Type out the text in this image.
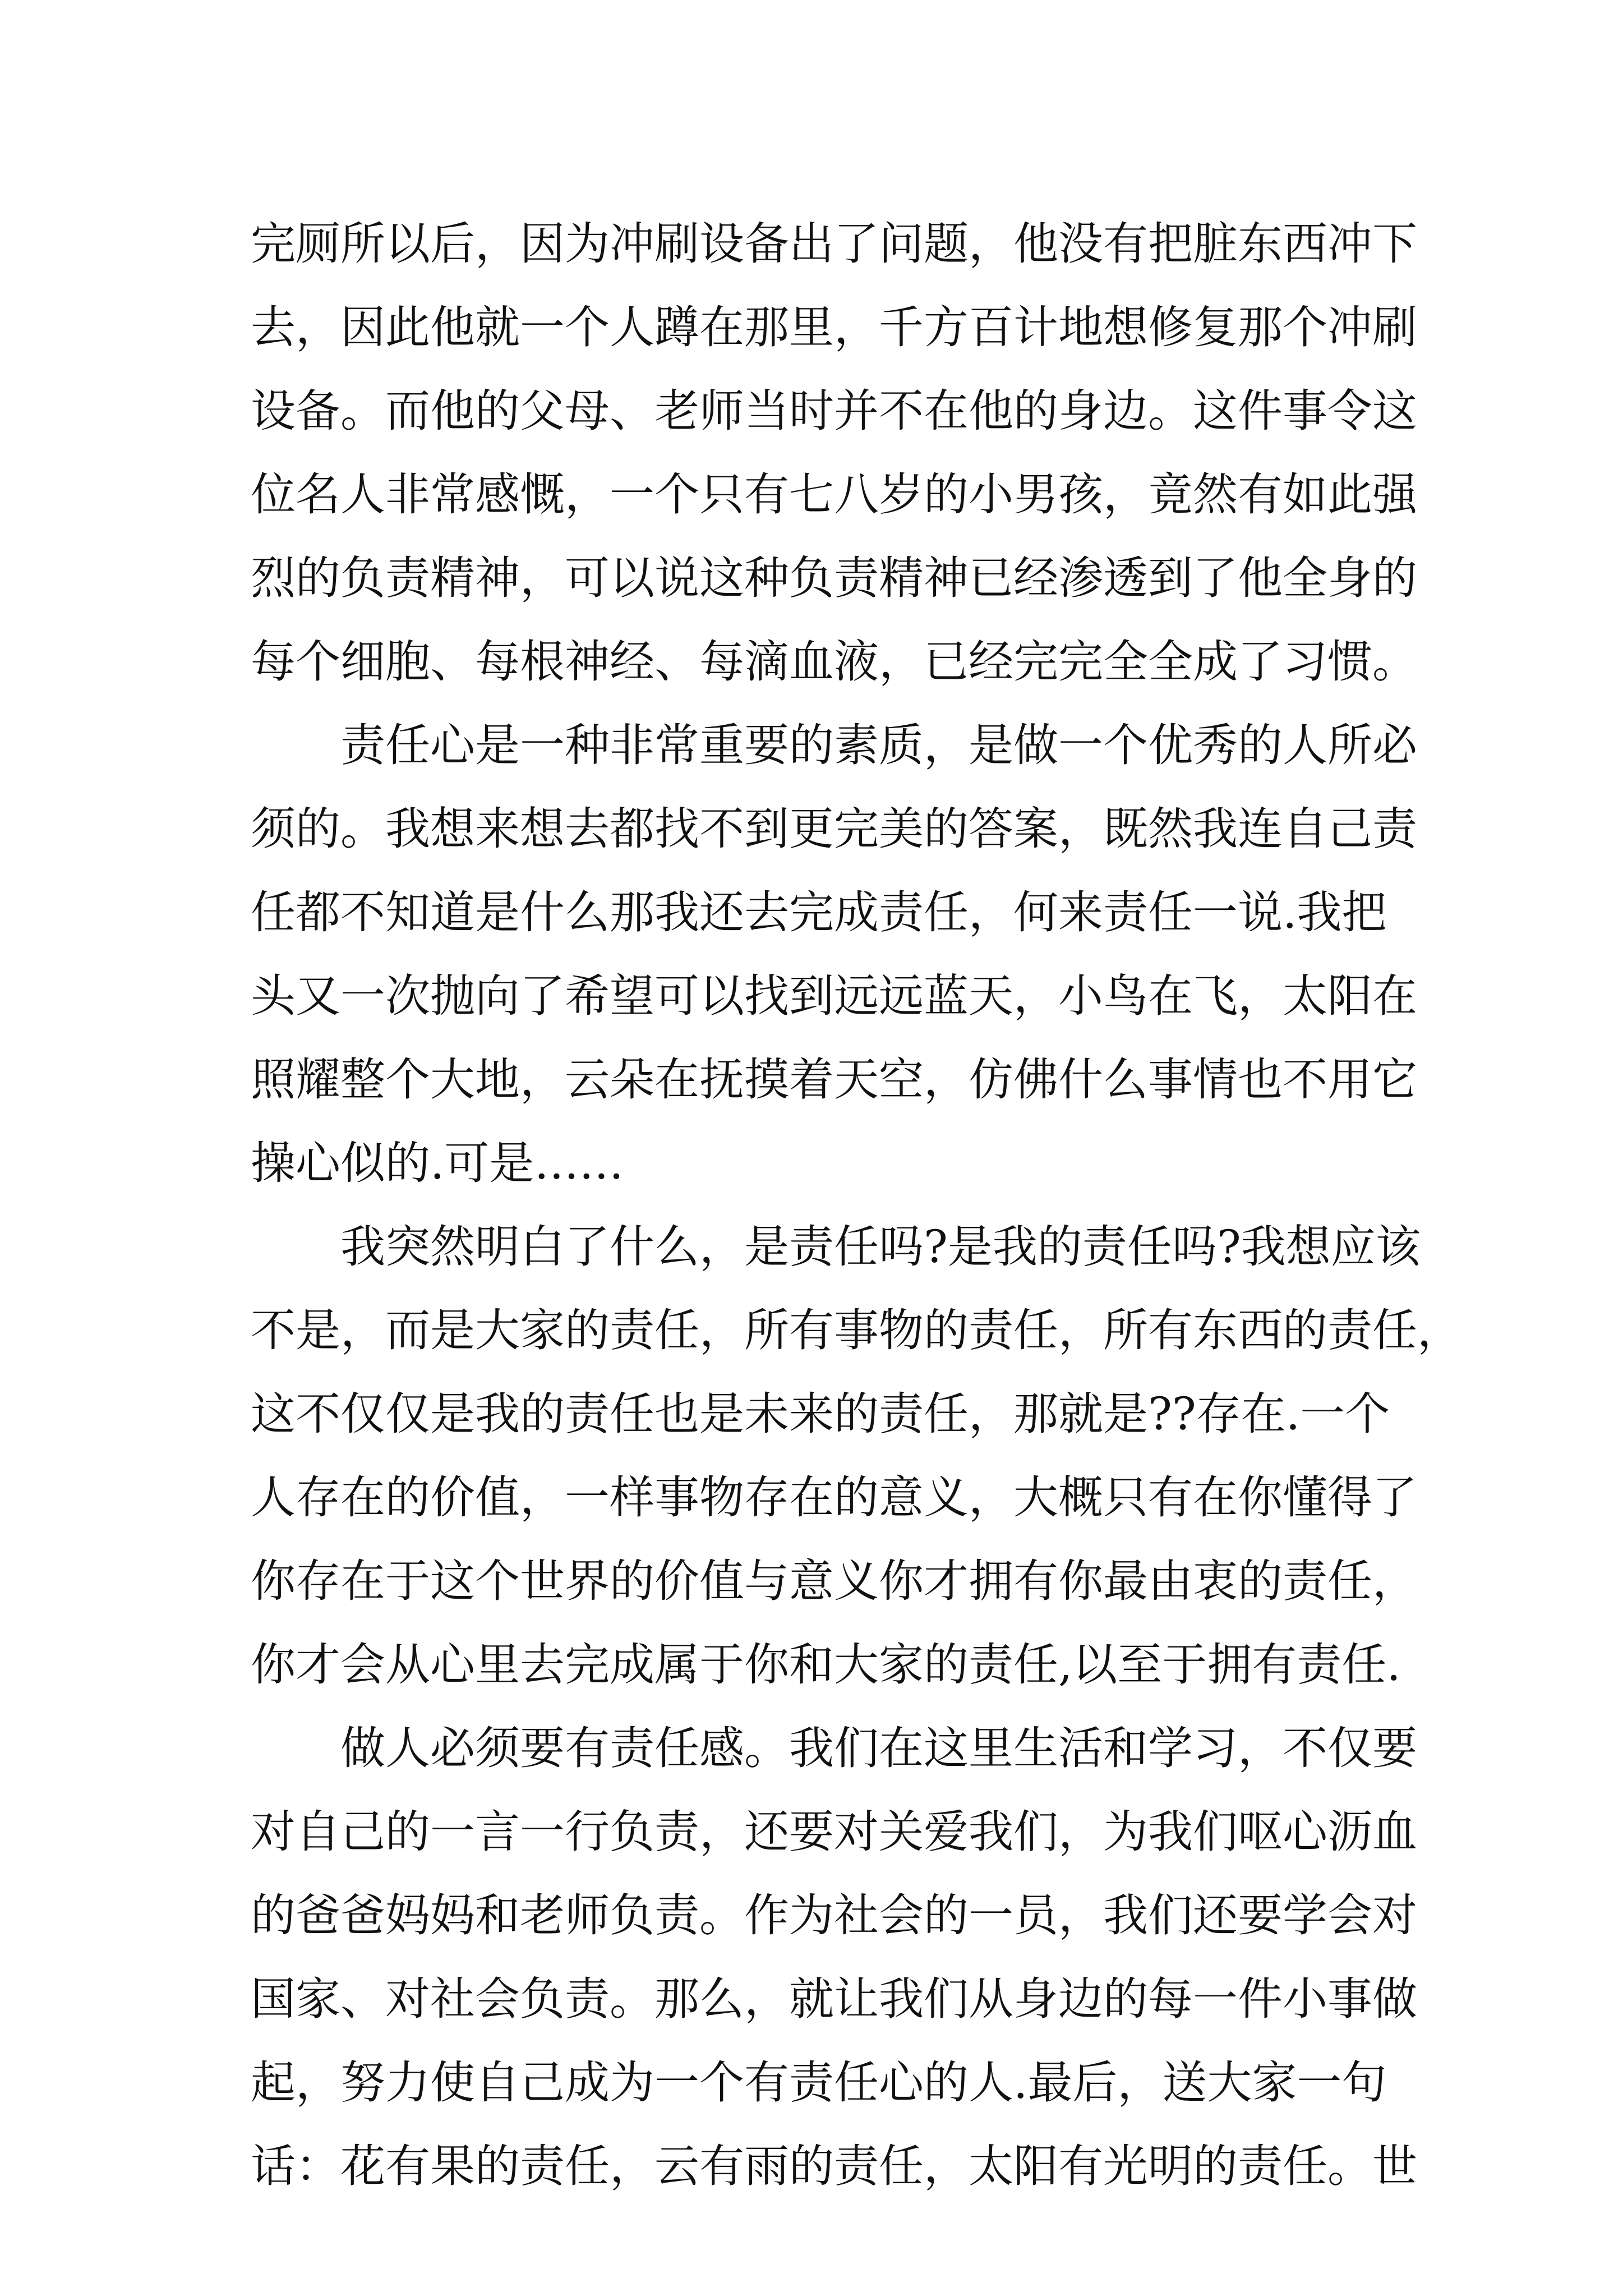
完厕所以后，因为冲刷设备出了问题，他没有把脏东西冲下
去，因此他就一个人蹲在那里，千方百计地想修复那个冲刷
设备。而他的父母、老师当时并不在他的身边。这件事令这
位名人非常感慨，一个只有七八岁的小男孩，竟然有如此强
烈的负责精神，可以说这种负责精神已经渗透到了他全身的
每个细胞、每根神经、每滴血液，已经完完全全成了习惯。
责任心是一种非常重要的素质，是做一个优秀的人所必
须的。我想来想去都找不到更完美的答案，既然我连自己责
任都不知道是什么那我还去完成责任，何来责任一说.我把
头又一次抛向了希望可以找到远远蓝天，小鸟在飞，太阳在
照耀整个大地，云朵在抚摸着天空，仿佛什么事情也不用它
操心似的.可是……
我突然明白了什么，是责任吗?是我的责任吗?我想应该
不是，而是大家的责任，所有事物的责任，所有东西的责任，
这不仅仅是我的责任也是未来的责任，那就是??存在.一个
人存在的价值，一样事物存在的意义，大概只有在你懂得了
你存在于这个世界的价值与意义你才拥有你最由衷的责任，
你才会从心里去完成属于你和大家的责任,以至于拥有责任.
做人必须要有责任感。我们在这里生活和学习，不仅要
对自己的一言一行负责，还要对关爱我们，为我们呕心沥血
的爸爸妈妈和老师负责。作为社会的一员，我们还要学会对
国家、对社会负责。那么，就让我们从身边的每一件小事做
起，努力使自己成为一个有责任心的人.最后，送大家一句
话：花有果的责任，云有雨的责任，太阳有光明的责任。世
